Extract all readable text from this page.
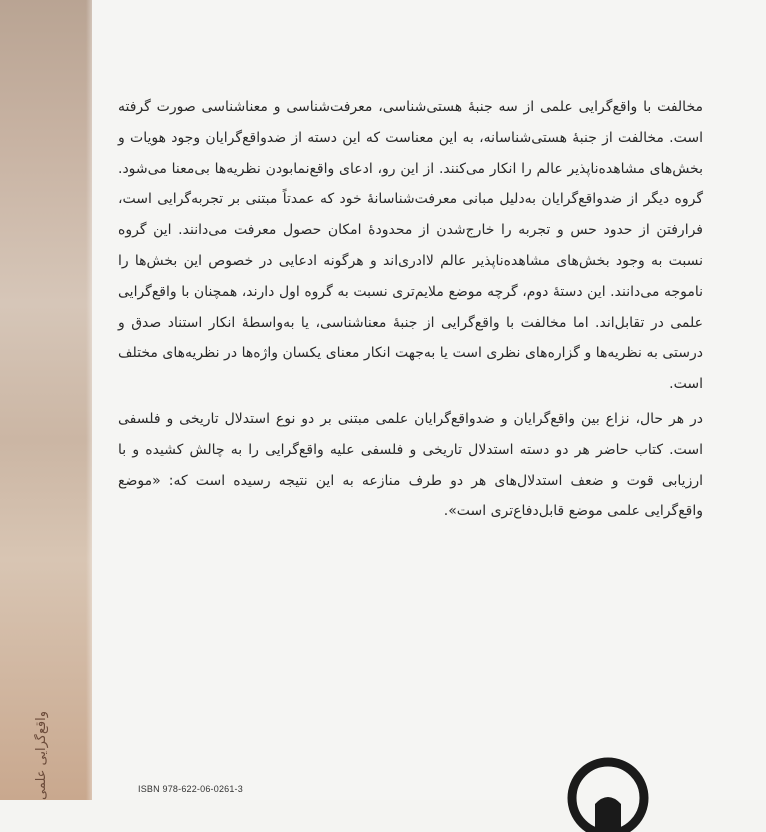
واقع‌گرایی علمی

مخالفت با واقع‌گرایی علمی از سه جنبهٔ هستی‌شناسی، معرفت‌شناسی و معناشناسی صورت گرفته است. مخالفت از جنبهٔ هستی‌شناسانه، به این معناست که این دسته از ضدواقع‌گرایان وجود هویات و بخش‌های مشاهده‌ناپذیر عالم را انکار می‌کنند. از این رو، ادعای واقع‌نمابودن نظریه‌ها بی‌معنا می‌شود. گروه دیگر از ضدواقع‌گرایان به‌دلیل مبانی معرفت‌شناسانهٔ خود که عمدتاً مبتنی بر تجربه‌گرایی است، فرارفتن از حدود حس و تجربه را خارج‌شدن از محدودهٔ امکان حصول معرفت می‌دانند. این گروه نسبت به وجود بخش‌های مشاهده‌ناپذیر عالم لاادری‌اند و هرگونه ادعایی در خصوص این بخش‌ها را ناموجه می‌دانند. این دستهٔ دوم، گرچه موضع ملایم‌تری نسبت به گروه اول دارند، همچنان با واقع‌گرایی علمی در تقابل‌اند. اما مخالفت با واقع‌گرایی از جنبهٔ معناشناسی، یا به‌واسطهٔ انکار استناد صدق و درستی به نظریه‌ها و گزاره‌های نظری است یا به‌جهت انکار معنای یکسان واژه‌ها در نظریه‌های مختلف است.

در هر حال، نزاع بین واقع‌گرایان و ضدواقع‌گرایان علمی مبتنی بر دو نوع استدلال تاریخی و فلسفی است. کتاب حاضر هر دو دسته استدلال تاریخی و فلسفی علیه واقع‌گرایی را به چالش کشیده و با ارزیابی قوت و ضعف استدلال‌های هر دو طرف منازعه به این نتیجه رسیده است که: «موضع واقع‌گرایی علمی موضع قابل‌دفاع‌تری است».

ISBN 978-622-06-0261-3
